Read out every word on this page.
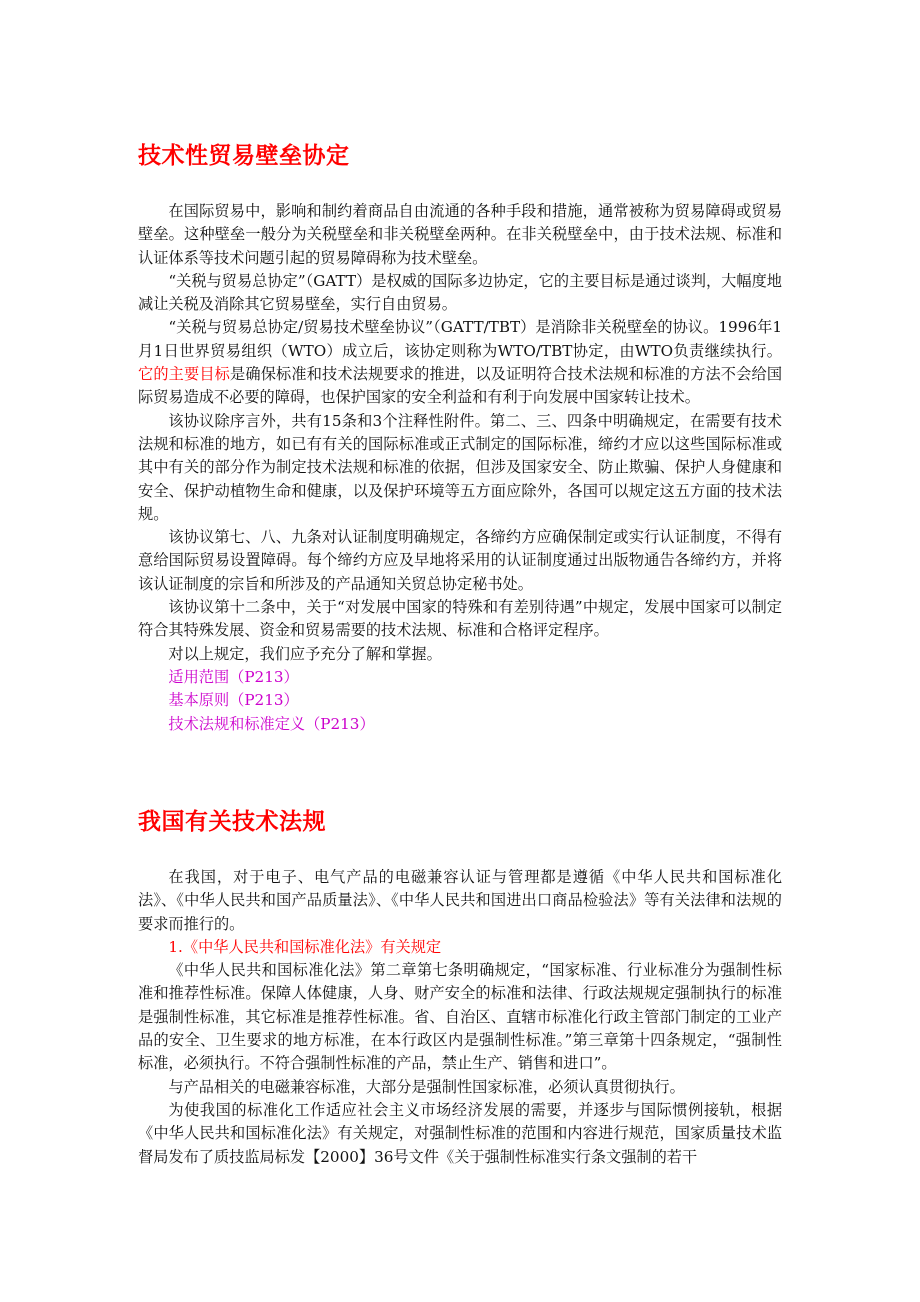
技术性贸易壁垒协定

在国际贸易中，影响和制约着商品自由流通的各种手段和措施，通常被称为贸易障碍或贸易壁垒。这种壁垒一般分为关税壁垒和非关税壁垒两种。在非关税壁垒中，由于技术法规、标准和认证体系等技术问题引起的贸易障碍称为技术壁垒。

“关税与贸易总协定”（GATT）是权威的国际多边协定，它的主要目标是通过谈判，大幅度地减让关税及消除其它贸易壁垒，实行自由贸易。

“关税与贸易总协定/贸易技术壁垒协议”（GATT/TBT）是消除非关税壁垒的协议。1996年1月1日世界贸易组织（WTO）成立后，该协定则称为WTO/TBT协定，由WTO负责继续执行。它的主要目标是确保标准和技术法规要求的推进，以及证明符合技术法规和标准的方法不会给国际贸易造成不必要的障碍，也保护国家的安全利益和有利于向发展中国家转让技术。

该协议除序言外，共有15条和3个注释性附件。第二、三、四条中明确规定，在需要有技术法规和标准的地方，如已有有关的国际标准或正式制定的国际标准，缔约才应以这些国际标准或其中有关的部分作为制定技术法规和标准的依据，但涉及国家安全、防止欺骗、保护人身健康和安全、保护动植物生命和健康，以及保护环境等五方面应除外，各国可以规定这五方面的技术法规。

该协议第七、八、九条对认证制度明确规定，各缔约方应确保制定或实行认证制度，不得有意给国际贸易设置障碍。每个缔约方应及早地将采用的认证制度通过出版物通告各缔约方，并将该认证制度的宗旨和所涉及的产品通知关贸总协定秘书处。

该协议第十二条中，关于“对发展中国家的特殊和有差别待遇”中规定，发展中国家可以制定符合其特殊发展、资金和贸易需要的技术法规、标准和合格评定程序。

对以上规定，我们应予充分了解和掌握。

适用范围（P213）

基本原则（P213）

技术法规和标准定义（P213）

我国有关技术法规

在我国，对于电子、电气产品的电磁兼容认证与管理都是遵循《中华人民共和国标准化法》、《中华人民共和国产品质量法》、《中华人民共和国进出口商品检验法》等有关法律和法规的要求而推行的。

1.《中华人民共和国标准化法》有关规定

《中华人民共和国标准化法》第二章第七条明确规定，“国家标准、行业标准分为强制性标准和推荐性标准。保障人体健康，人身、财产安全的标准和法律、行政法规规定强制执行的标准是强制性标准，其它标准是推荐性标准。省、自治区、直辖市标准化行政主管部门制定的工业产品的安全、卫生要求的地方标准，在本行政区内是强制性标准。”第三章第十四条规定，“强制性标准，必须执行。不符合强制性标准的产品，禁止生产、销售和进口”。

与产品相关的电磁兼容标准，大部分是强制性国家标准，必须认真贯彻执行。

为使我国的标准化工作适应社会主义市场经济发展的需要，并逐步与国际惯例接轨，根据《中华人民共和国标准化法》有关规定，对强制性标准的范围和内容进行规范，国家质量技术监督局发布了质技监局标发【2000】36号文件《关于强制性标准实行条文强制的若干
